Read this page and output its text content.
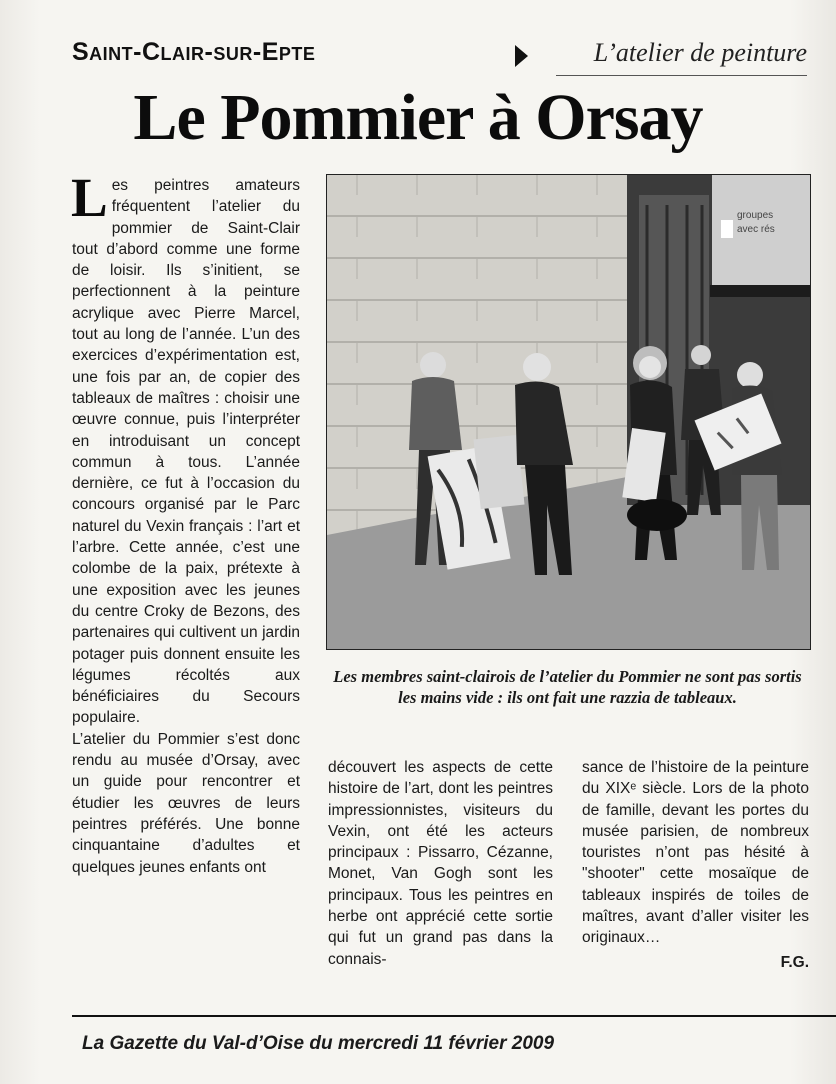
Saint-Clair-sur-Epte	L’atelier de peinture
Le Pommier à Orsay
L es peintres amateurs fréquentent l’atelier du pommier de Saint-Clair tout d’abord comme une forme de loisir. Ils s’initient, se perfectionnent à la peinture acrylique avec Pierre Marcel, tout au long de l’année. L’un des exercices d’expérimentation est, une fois par an, de copier des tableaux de maîtres : choisir une œuvre connue, puis l’interpréter en introduisant un concept commun à tous. L’année dernière, ce fut à l’occasion du concours organisé par le Parc naturel du Vexin français : l’art et l’arbre. Cette année, c’est une colombe de la paix, prétexte à une exposition avec les jeunes du centre Croky de Bezons, des partenaires qui cultivent un jardin potager puis donnent ensuite les légumes récoltés aux bénéficiaires du Secours populaire.

L’atelier du Pommier s’est donc rendu au musée d’Orsay, avec un guide pour rencontrer et étudier les œuvres de leurs peintres préférés. Une bonne cinquantaine d’adultes et quelques jeunes enfants ont

groupes
avec rés
Les membres saint-clairois de l’atelier du Pommier ne sont pas sortis les mains vide : ils ont fait une razzia de tableaux.

découvert les aspects de cette histoire de l’art, dont les peintres impressionnistes, visiteurs du Vexin, ont été les acteurs principaux : Pissarro, Cézanne, Monet, Van Gogh sont les principaux. Tous les peintres en herbe ont apprécié cette sortie qui fut un grand pas dans la connais-

sance de l’histoire de la peinture du XIXᵉ siècle. Lors de la photo de famille, devant les portes du musée parisien, de nombreux touristes n’ont pas hésité à "shooter" cette mosaïque de tableaux inspirés de toiles de maîtres, avant d’aller visiter les originaux…

F.G.
La Gazette du Val-d’Oise du mercredi 11 février 2009
